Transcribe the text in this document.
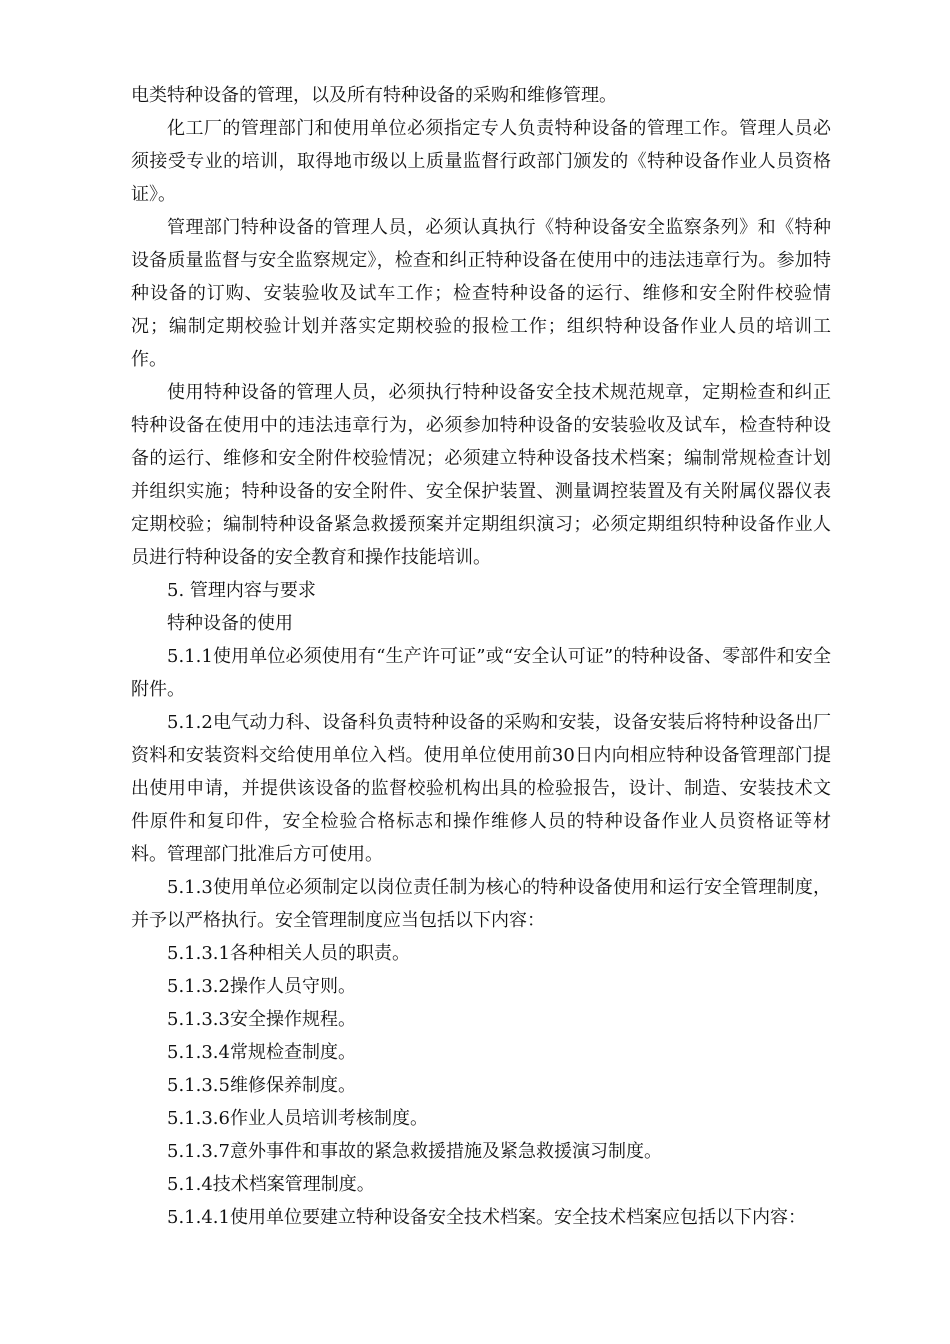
电类特种设备的管理，以及所有特种设备的采购和维修管理。

化工厂的管理部门和使用单位必须指定专人负责特种设备的管理工作。管理人员必须接受专业的培训，取得地市级以上质量监督行政部门颁发的《特种设备作业人员资格证》。

管理部门特种设备的管理人员，必须认真执行《特种设备安全监察条列》和《特种设备质量监督与安全监察规定》，检查和纠正特种设备在使用中的违法违章行为。参加特种设备的订购、安装验收及试车工作；检查特种设备的运行、维修和安全附件校验情况；编制定期校验计划并落实定期校验的报检工作；组织特种设备作业人员的培训工作。

使用特种设备的管理人员，必须执行特种设备安全技术规范规章，定期检查和纠正特种设备在使用中的违法违章行为，必须参加特种设备的安装验收及试车，检查特种设备的运行、维修和安全附件校验情况；必须建立特种设备技术档案；编制常规检查计划并组织实施；特种设备的安全附件、安全保护装置、测量调控装置及有关附属仪器仪表定期校验；编制特种设备紧急救援预案并定期组织演习；必须定期组织特种设备作业人员进行特种设备的安全教育和操作技能培训。

5. 管理内容与要求

特种设备的使用

5.1.1使用单位必须使用有“生产许可证”或“安全认可证”的特种设备、零部件和安全附件。

5.1.2电气动力科、设备科负责特种设备的采购和安装，设备安装后将特种设备出厂资料和安装资料交给使用单位入档。使用单位使用前30日内向相应特种设备管理部门提出使用申请，并提供该设备的监督校验机构出具的检验报告，设计、制造、安装技术文件原件和复印件，安全检验合格标志和操作维修人员的特种设备作业人员资格证等材料。管理部门批准后方可使用。

5.1.3使用单位必须制定以岗位责任制为核心的特种设备使用和运行安全管理制度，并予以严格执行。安全管理制度应当包括以下内容：

5.1.3.1各种相关人员的职责。

5.1.3.2操作人员守则。

5.1.3.3安全操作规程。

5.1.3.4常规检查制度。

5.1.3.5维修保养制度。

5.1.3.6作业人员培训考核制度。

5.1.3.7意外事件和事故的紧急救援措施及紧急救援演习制度。

5.1.4技术档案管理制度。

5.1.4.1使用单位要建立特种设备安全技术档案。安全技术档案应包括以下内容：
